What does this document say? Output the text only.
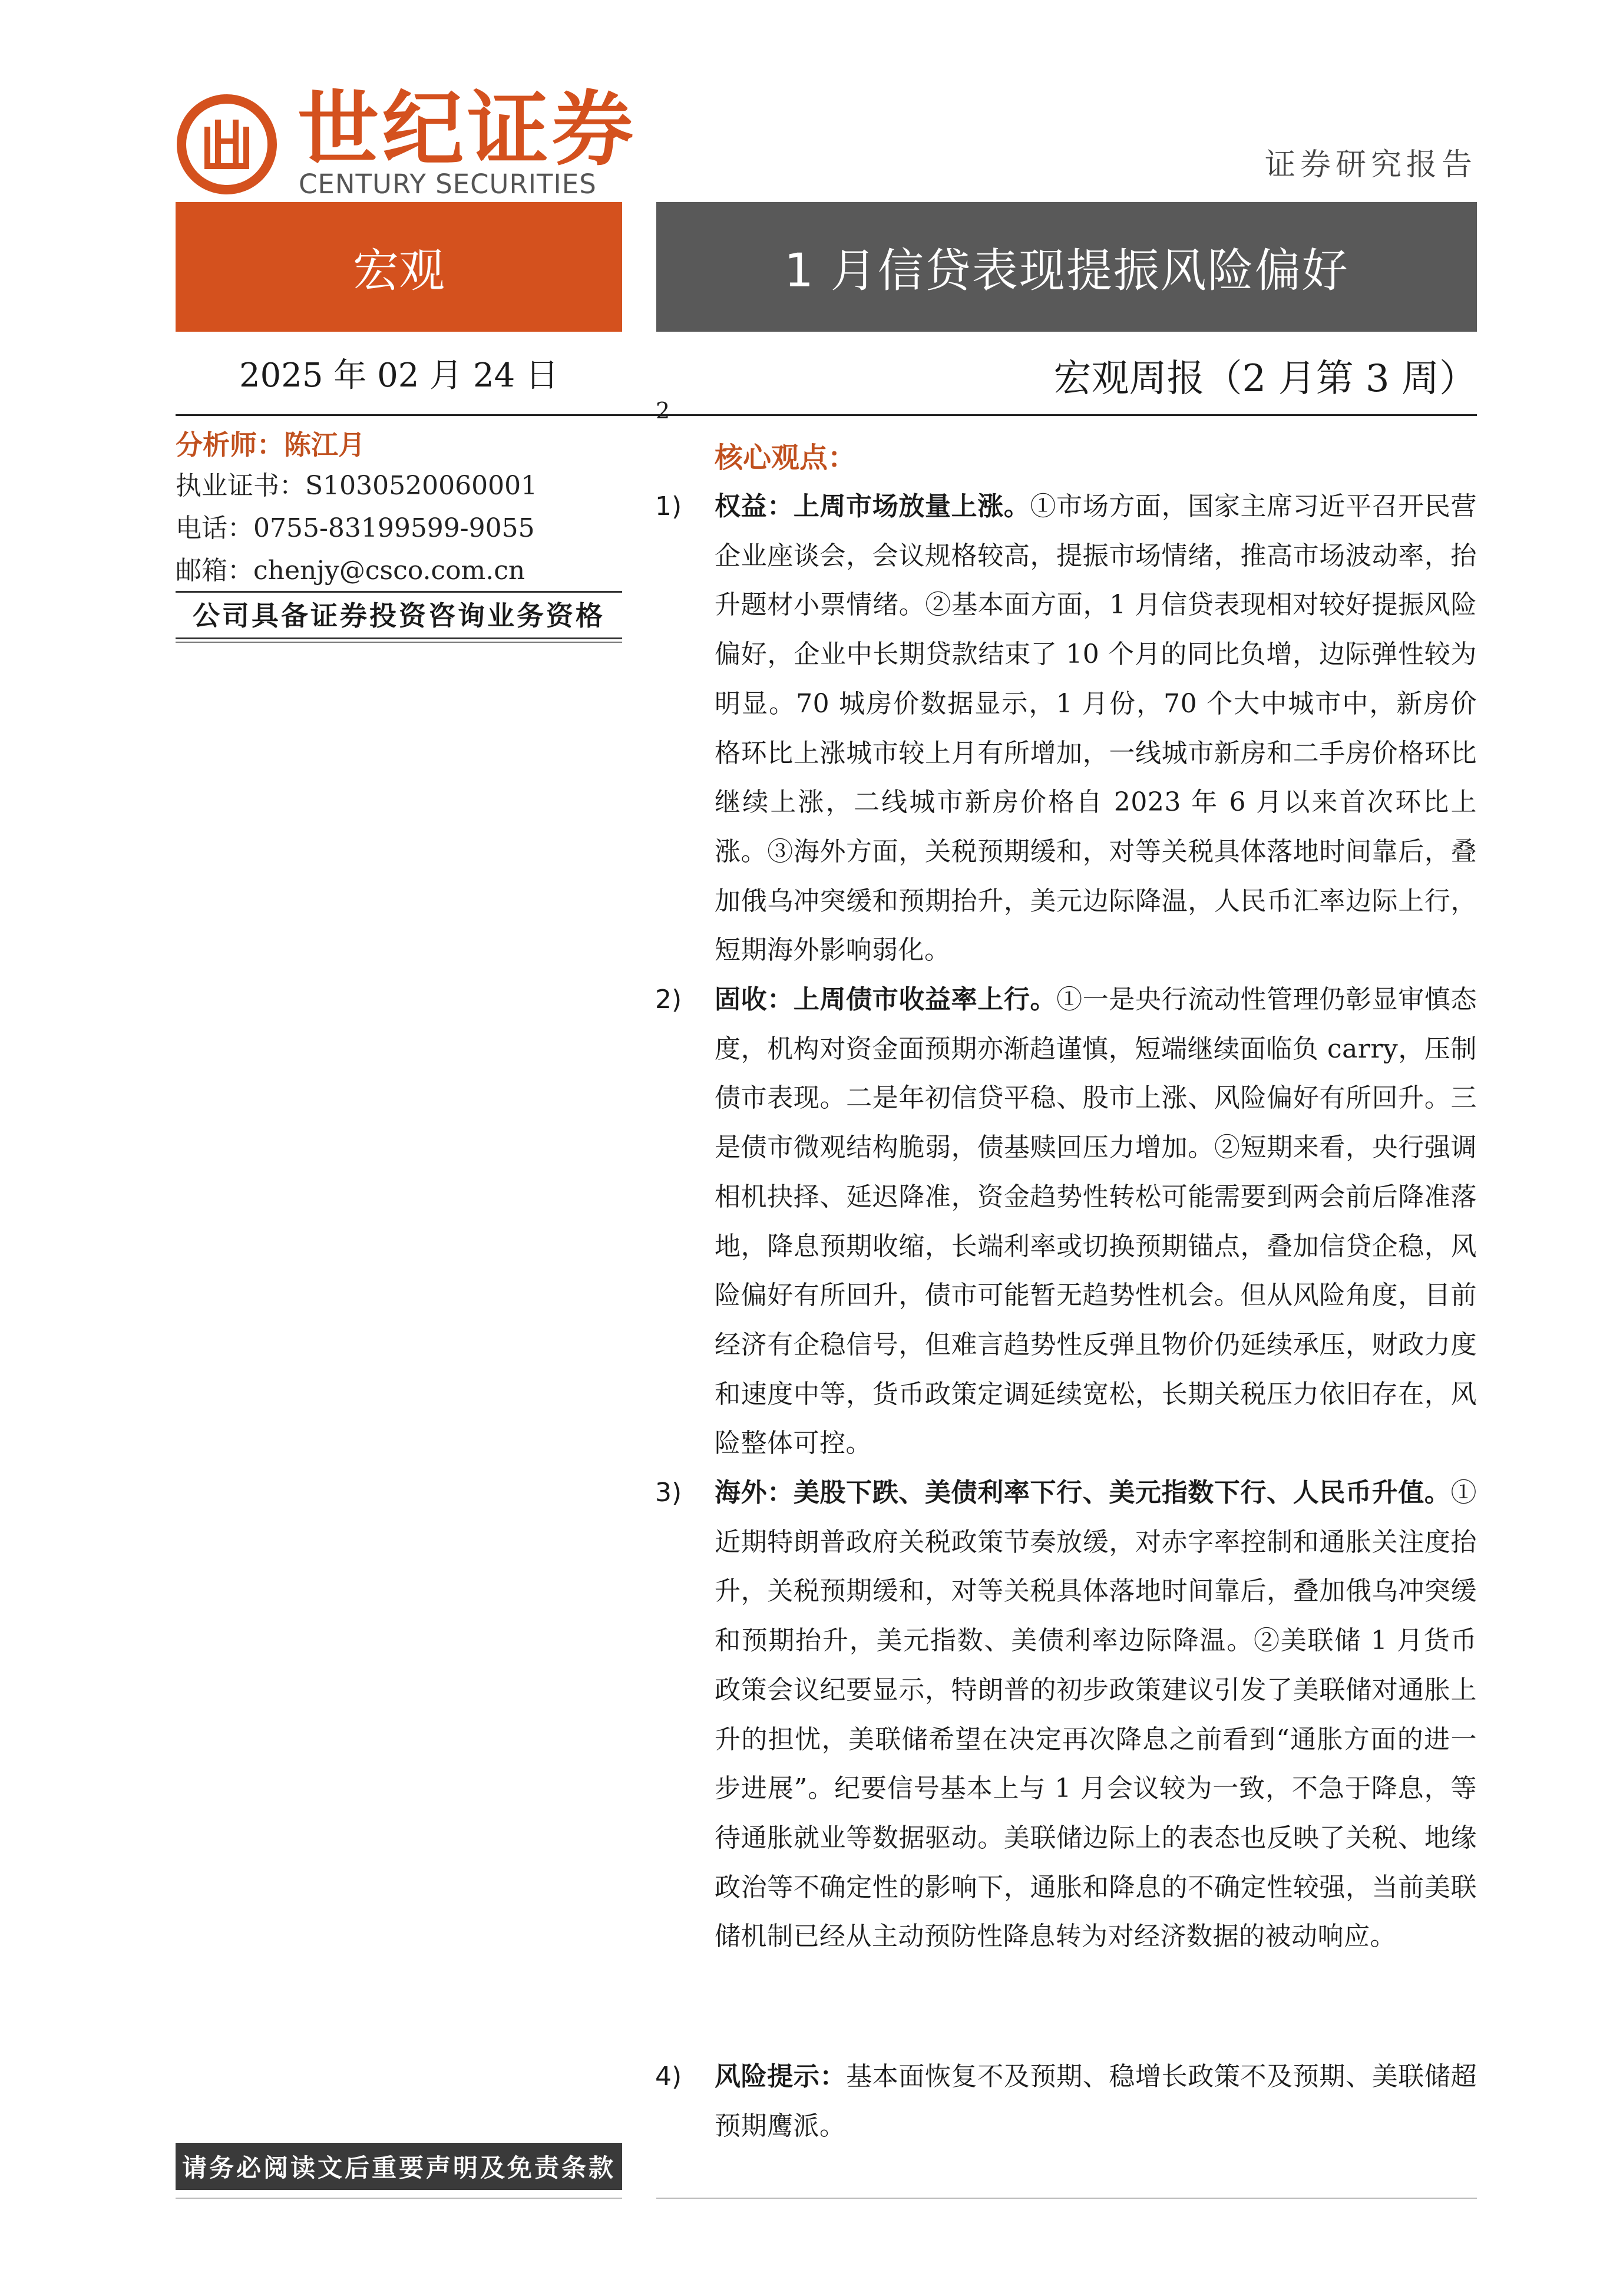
世纪证券
CENTURY SECURITIES
证券研究报告
宏观	1 月信贷表现提振风险偏好
2025 年 02 月 24 日	宏观周报（2 月第 3 周）
2
分析师：陈江月
执业证书：S1030520060001
电话：0755-83199599-9055
邮箱：chenjy@csco.com.cn
公司具备证券投资咨询业务资格
核心观点：
1) 权益：上周市场放量上涨。①市场方面，国家主席习近平召开民营企业座谈会，会议规格较高，提振市场情绪，推高市场波动率，抬升题材小票情绪。②基本面方面，1 月信贷表现相对较好提振风险偏好，企业中长期贷款结束了 10 个月的同比负增，边际弹性较为明显。70 城房价数据显示，1 月份，70 个大中城市中，新房价格环比上涨城市较上月有所增加，一线城市新房和二手房价格环比继续上涨，二线城市新房价格自 2023 年 6 月以来首次环比上涨。③海外方面，关税预期缓和，对等关税具体落地时间靠后，叠加俄乌冲突缓和预期抬升，美元边际降温，人民币汇率边际上行，短期海外影响弱化。
2) 固收：上周债市收益率上行。①一是央行流动性管理仍彰显审慎态度，机构对资金面预期亦渐趋谨慎，短端继续面临负 carry，压制债市表现。二是年初信贷平稳、股市上涨、风险偏好有所回升。三是债市微观结构脆弱，债基赎回压力增加。②短期来看，央行强调相机抉择、延迟降准，资金趋势性转松可能需要到两会前后降准落地，降息预期收缩，长端利率或切换预期锚点，叠加信贷企稳，风险偏好有所回升，债市可能暂无趋势性机会。但从风险角度，目前经济有企稳信号，但难言趋势性反弹且物价仍延续承压，财政力度和速度中等，货币政策定调延续宽松，长期关税压力依旧存在，风险整体可控。
3) 海外：美股下跌、美债利率下行、美元指数下行、人民币升值。①近期特朗普政府关税政策节奏放缓，对赤字率控制和通胀关注度抬升，关税预期缓和，对等关税具体落地时间靠后，叠加俄乌冲突缓和预期抬升，美元指数、美债利率边际降温。②美联储 1 月货币政策会议纪要显示，特朗普的初步政策建议引发了美联储对通胀上升的担忧，美联储希望在决定再次降息之前看到“通胀方面的进一步进展”。纪要信号基本上与 1 月会议较为一致，不急于降息，等待通胀就业等数据驱动。美联储边际上的表态也反映了关税、地缘政治等不确定性的影响下，通胀和降息的不确定性较强，当前美联储机制已经从主动预防性降息转为对经济数据的被动响应。
4) 风险提示：基本面恢复不及预期、稳增长政策不及预期、美联储超预期鹰派。
请务必阅读文后重要声明及免责条款
